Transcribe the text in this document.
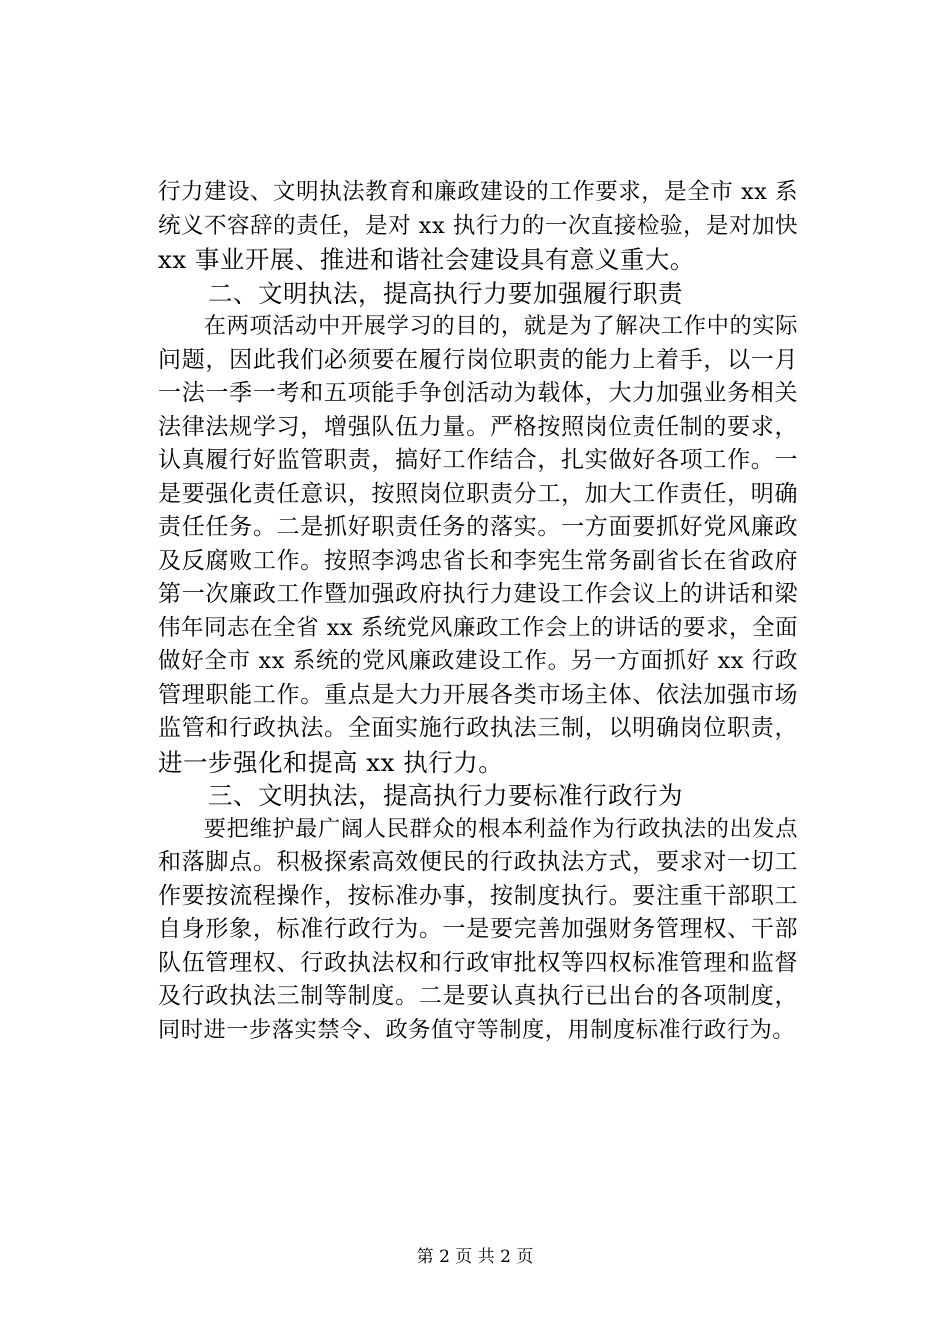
行力建设、文明执法教育和廉政建设的工作要求，是全市 xx 系
统义不容辞的责任，是对 xx 执行力的一次直接检验，是对加快
xx 事业开展、推进和谐社会建设具有意义重大。
　　二、文明执法，提高执行力要加强履行职责
　　在两项活动中开展学习的目的，就是为了解决工作中的实际
问题，因此我们必须要在履行岗位职责的能力上着手，以一月
一法一季一考和五项能手争创活动为载体，大力加强业务相关
法律法规学习，增强队伍力量。严格按照岗位责任制的要求，
认真履行好监管职责，搞好工作结合，扎实做好各项工作。一
是要强化责任意识，按照岗位职责分工，加大工作责任，明确
责任任务。二是抓好职责任务的落实。一方面要抓好党风廉政
及反腐败工作。按照李鸿忠省长和李宪生常务副省长在省政府
第一次廉政工作暨加强政府执行力建设工作会议上的讲话和梁
伟年同志在全省 xx 系统党风廉政工作会上的讲话的要求，全面
做好全市 xx 系统的党风廉政建设工作。另一方面抓好 xx 行政
管理职能工作。重点是大力开展各类市场主体、依法加强市场
监管和行政执法。全面实施行政执法三制，以明确岗位职责，
进一步强化和提高 xx 执行力。
　　三、文明执法，提高执行力要标准行政行为
　　要把维护最广阔人民群众的根本利益作为行政执法的出发点
和落脚点。积极探索高效便民的行政执法方式，要求对一切工
作要按流程操作，按标准办事，按制度执行。要注重干部职工
自身形象，标准行政行为。一是要完善加强财务管理权、干部
队伍管理权、行政执法权和行政审批权等四权标准管理和监督
及行政执法三制等制度。二是要认真执行已出台的各项制度，
同时进一步落实禁令、政务值守等制度，用制度标准行政行为。
第 2 页 共 2 页
